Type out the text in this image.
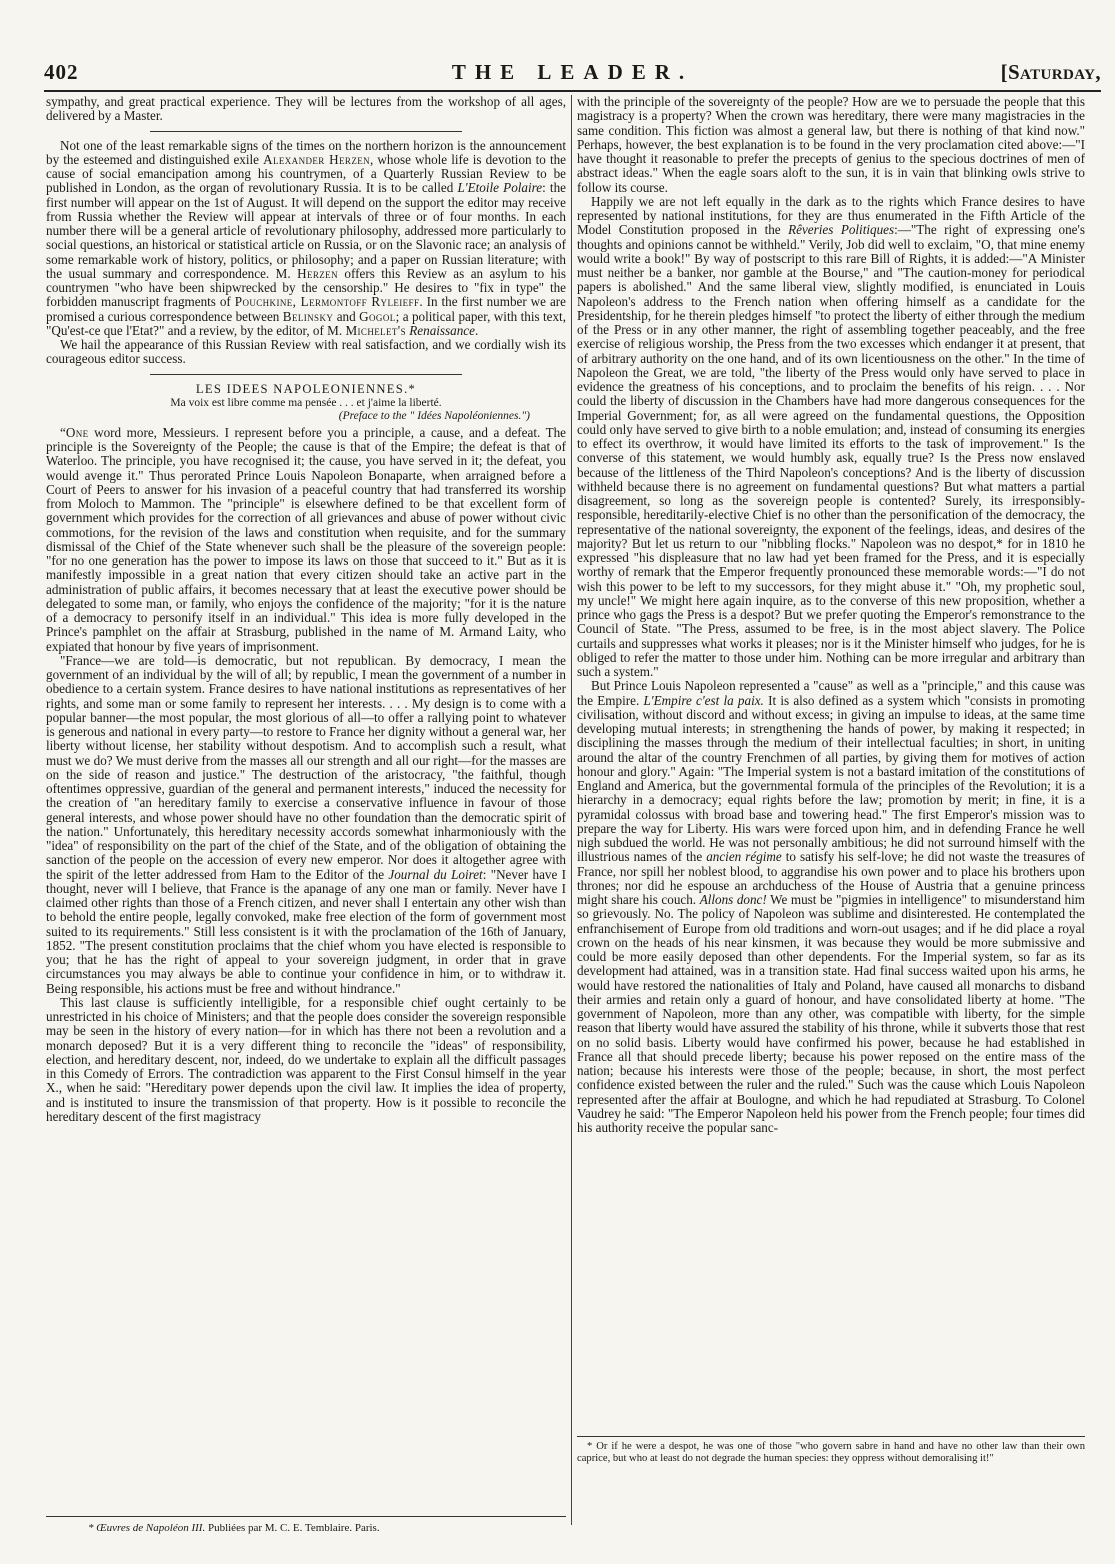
402	THE LEADER.	[Saturday,

sympathy, and great practical experience. They will be lectures from the workshop of all ages, delivered by a Master.

Not one of the least remarkable signs of the times on the northern horizon is the announcement by the esteemed and distinguished exile Alexander Herzen, whose whole life is devotion to the cause of social emancipation among his countrymen, of a Quarterly Russian Review to be published in London, as the organ of revolutionary Russia. It is to be called L'Etoile Polaire: the first number will appear on the 1st of August. It will depend on the support the editor may receive from Russia whether the Review will appear at intervals of three or of four months. In each number there will be a general article of revolutionary philosophy, addressed more particularly to social questions, an historical or statistical article on Russia, or on the Slavonic race; an analysis of some remarkable work of history, politics, or philosophy; and a paper on Russian literature; with the usual summary and correspondence. M. Herzen offers this Review as an asylum to his countrymen "who have been shipwrecked by the censorship." He desires to "fix in type" the forbidden manuscript fragments of Pouchkine, Lermontoff Ryleieff. In the first number we are promised a curious correspondence between Belinsky and Gogol; a political paper, with this text, "Qu'est-ce que l'Etat?" and a review, by the editor, of M. Michelet's Renaissance.

We hail the appearance of this Russian Review with real satisfaction, and we cordially wish its courageous editor success.

LES IDEES NAPOLEONIENNES.*
Ma voix est libre comme ma pensée . . . et j'aime la liberté.
(Preface to the " Idées Napoléoniennes.")

“One word more, Messieurs. I represent before you a principle, a cause, and a defeat. The principle is the Sovereignty of the People; the cause is that of the Empire; the defeat is that of Waterloo. The principle, you have recognised it; the cause, you have served in it; the defeat, you would avenge it." Thus perorated Prince Louis Napoleon Bonaparte, when arraigned before a Court of Peers to answer for his invasion of a peaceful country that had transferred its worship from Moloch to Mammon. The "principle" is elsewhere defined to be that excellent form of government which provides for the correction of all grievances and abuse of power without civic commotions, for the revision of the laws and constitution when requisite, and for the summary dismissal of the Chief of the State whenever such shall be the pleasure of the sovereign people: "for no one generation has the power to impose its laws on those that succeed to it." But as it is manifestly impossible in a great nation that every citizen should take an active part in the administration of public affairs, it becomes necessary that at least the executive power should be delegated to some man, or family, who enjoys the confidence of the majority; "for it is the nature of a democracy to personify itself in an individual." This idea is more fully developed in the Prince's pamphlet on the affair at Strasburg, published in the name of M. Armand Laity, who expiated that honour by five years of imprisonment.

"France—we are told—is democratic, but not republican. By democracy, I mean the government of an individual by the will of all; by republic, I mean the government of a number in obedience to a certain system. France desires to have national institutions as representatives of her rights, and some man or some family to represent her interests. . . . My design is to come with a popular banner—the most popular, the most glorious of all—to offer a rallying point to whatever is generous and national in every party—to restore to France her dignity without a general war, her liberty without license, her stability without despotism. And to accomplish such a result, what must we do? We must derive from the masses all our strength and all our right—for the masses are on the side of reason and justice." The destruction of the aristocracy, "the faithful, though oftentimes oppressive, guardian of the general and permanent interests," induced the necessity for the creation of "an hereditary family to exercise a conservative influence in favour of those general interests, and whose power should have no other foundation than the democratic spirit of the nation." Unfortunately, this hereditary necessity accords somewhat inharmoniously with the "idea" of responsibility on the part of the chief of the State, and of the obligation of obtaining the sanction of the people on the accession of every new emperor. Nor does it altogether agree with the spirit of the letter addressed from Ham to the Editor of the Journal du Loiret: "Never have I thought, never will I believe, that France is the apanage of any one man or family. Never have I claimed other rights than those of a French citizen, and never shall I entertain any other wish than to behold the entire people, legally convoked, make free election of the form of government most suited to its requirements." Still less consistent is it with the proclamation of the 16th of January, 1852. "The present constitution proclaims that the chief whom you have elected is responsible to you; that he has the right of appeal to your sovereign judgment, in order that in grave circumstances you may always be able to continue your confidence in him, or to withdraw it. Being responsible, his actions must be free and without hindrance."

This last clause is sufficiently intelligible, for a responsible chief ought certainly to be unrestricted in his choice of Ministers; and that the people does consider the sovereign responsible may be seen in the history of every nation—for in which has there not been a revolution and a monarch deposed? But it is a very different thing to reconcile the "ideas" of responsibility, election, and hereditary descent, nor, indeed, do we undertake to explain all the difficult passages in this Comedy of Errors. The contradiction was apparent to the First Consul himself in the year X., when he said: "Hereditary power depends upon the civil law. It implies the idea of property, and is instituted to insure the transmission of that property. How is it possible to reconcile the hereditary descent of the first magistracy

* Œuvres de Napoléon III. Publiées par M. C. E. Temblaire. Paris.

with the principle of the sovereignty of the people? How are we to persuade the people that this magistracy is a property? When the crown was hereditary, there were many magistracies in the same condition. This fiction was almost a general law, but there is nothing of that kind now." Perhaps, however, the best explanation is to be found in the very proclamation cited above:—"I have thought it reasonable to prefer the precepts of genius to the specious doctrines of men of abstract ideas." When the eagle soars aloft to the sun, it is in vain that blinking owls strive to follow its course.

Happily we are not left equally in the dark as to the rights which France desires to have represented by national institutions, for they are thus enumerated in the Fifth Article of the Model Constitution proposed in the Rêveries Politiques:—"The right of expressing one's thoughts and opinions cannot be withheld." Verily, Job did well to exclaim, "O, that mine enemy would write a book!" By way of postscript to this rare Bill of Rights, it is added:—"A Minister must neither be a banker, nor gamble at the Bourse," and "The caution-money for periodical papers is abolished." And the same liberal view, slightly modified, is enunciated in Louis Napoleon's address to the French nation when offering himself as a candidate for the Presidentship, for he therein pledges himself "to protect the liberty of either through the medium of the Press or in any other manner, the right of assembling together peaceably, and the free exercise of religious worship, the Press from the two excesses which endanger it at present, that of arbitrary authority on the one hand, and of its own licentiousness on the other." In the time of Napoleon the Great, we are told, "the liberty of the Press would only have served to place in evidence the greatness of his conceptions, and to proclaim the benefits of his reign. . . . Nor could the liberty of discussion in the Chambers have had more dangerous consequences for the Imperial Government; for, as all were agreed on the fundamental questions, the Opposition could only have served to give birth to a noble emulation; and, instead of consuming its energies to effect its overthrow, it would have limited its efforts to the task of improvement." Is the converse of this statement, we would humbly ask, equally true? Is the Press now enslaved because of the littleness of the Third Napoleon's conceptions? And is the liberty of discussion withheld because there is no agreement on fundamental questions? But what matters a partial disagreement, so long as the sovereign people is contented? Surely, its irresponsibly-responsible, hereditarily-elective Chief is no other than the personification of the democracy, the representative of the national sovereignty, the exponent of the feelings, ideas, and desires of the majority? But let us return to our "nibbling flocks." Napoleon was no despot,* for in 1810 he expressed "his displeasure that no law had yet been framed for the Press, and it is especially worthy of remark that the Emperor frequently pronounced these memorable words:—"I do not wish this power to be left to my successors, for they might abuse it." "Oh, my prophetic soul, my uncle!" We might here again inquire, as to the converse of this new proposition, whether a prince who gags the Press is a despot? But we prefer quoting the Emperor's remonstrance to the Council of State. "The Press, assumed to be free, is in the most abject slavery. The Police curtails and suppresses what works it pleases; nor is it the Minister himself who judges, for he is obliged to refer the matter to those under him. Nothing can be more irregular and arbitrary than such a system."

But Prince Louis Napoleon represented a "cause" as well as a "principle," and this cause was the Empire. L'Empire c'est la paix. It is also defined as a system which "consists in promoting civilisation, without discord and without excess; in giving an impulse to ideas, at the same time developing mutual interests; in strengthening the hands of power, by making it respected; in disciplining the masses through the medium of their intellectual faculties; in short, in uniting around the altar of the country Frenchmen of all parties, by giving them for motives of action honour and glory." Again: "The Imperial system is not a bastard imitation of the constitutions of England and America, but the governmental formula of the principles of the Revolution; it is a hierarchy in a democracy; equal rights before the law; promotion by merit; in fine, it is a pyramidal colossus with broad base and towering head." The first Emperor's mission was to prepare the way for Liberty. His wars were forced upon him, and in defending France he well nigh subdued the world. He was not personally ambitious; he did not surround himself with the illustrious names of the ancien régime to satisfy his self-love; he did not waste the treasures of France, nor spill her noblest blood, to aggrandise his own power and to place his brothers upon thrones; nor did he espouse an archduchess of the House of Austria that a genuine princess might share his couch. Allons donc! We must be "pigmies in intelligence" to misunderstand him so grievously. No. The policy of Napoleon was sublime and disinterested. He contemplated the enfranchisement of Europe from old traditions and worn-out usages; and if he did place a royal crown on the heads of his near kinsmen, it was because they would be more submissive and could be more easily deposed than other dependents. For the Imperial system, so far as its development had attained, was in a transition state. Had final success waited upon his arms, he would have restored the nationalities of Italy and Poland, have caused all monarchs to disband their armies and retain only a guard of honour, and have consolidated liberty at home. "The government of Napoleon, more than any other, was compatible with liberty, for the simple reason that liberty would have assured the stability of his throne, while it subverts those that rest on no solid basis. Liberty would have confirmed his power, because he had established in France all that should precede liberty; because his power reposed on the entire mass of the nation; because his interests were those of the people; because, in short, the most perfect confidence existed between the ruler and the ruled." Such was the cause which Louis Napoleon represented after the affair at Boulogne, and which he had repudiated at Strasburg. To Colonel Vaudrey he said: "The Emperor Napoleon held his power from the French people; four times did his authority receive the popular sanc-

* Or if he were a despot, he was one of those "who govern sabre in hand and have no other law than their own caprice, but who at least do not degrade the human species: they oppress without demoralising it!"
